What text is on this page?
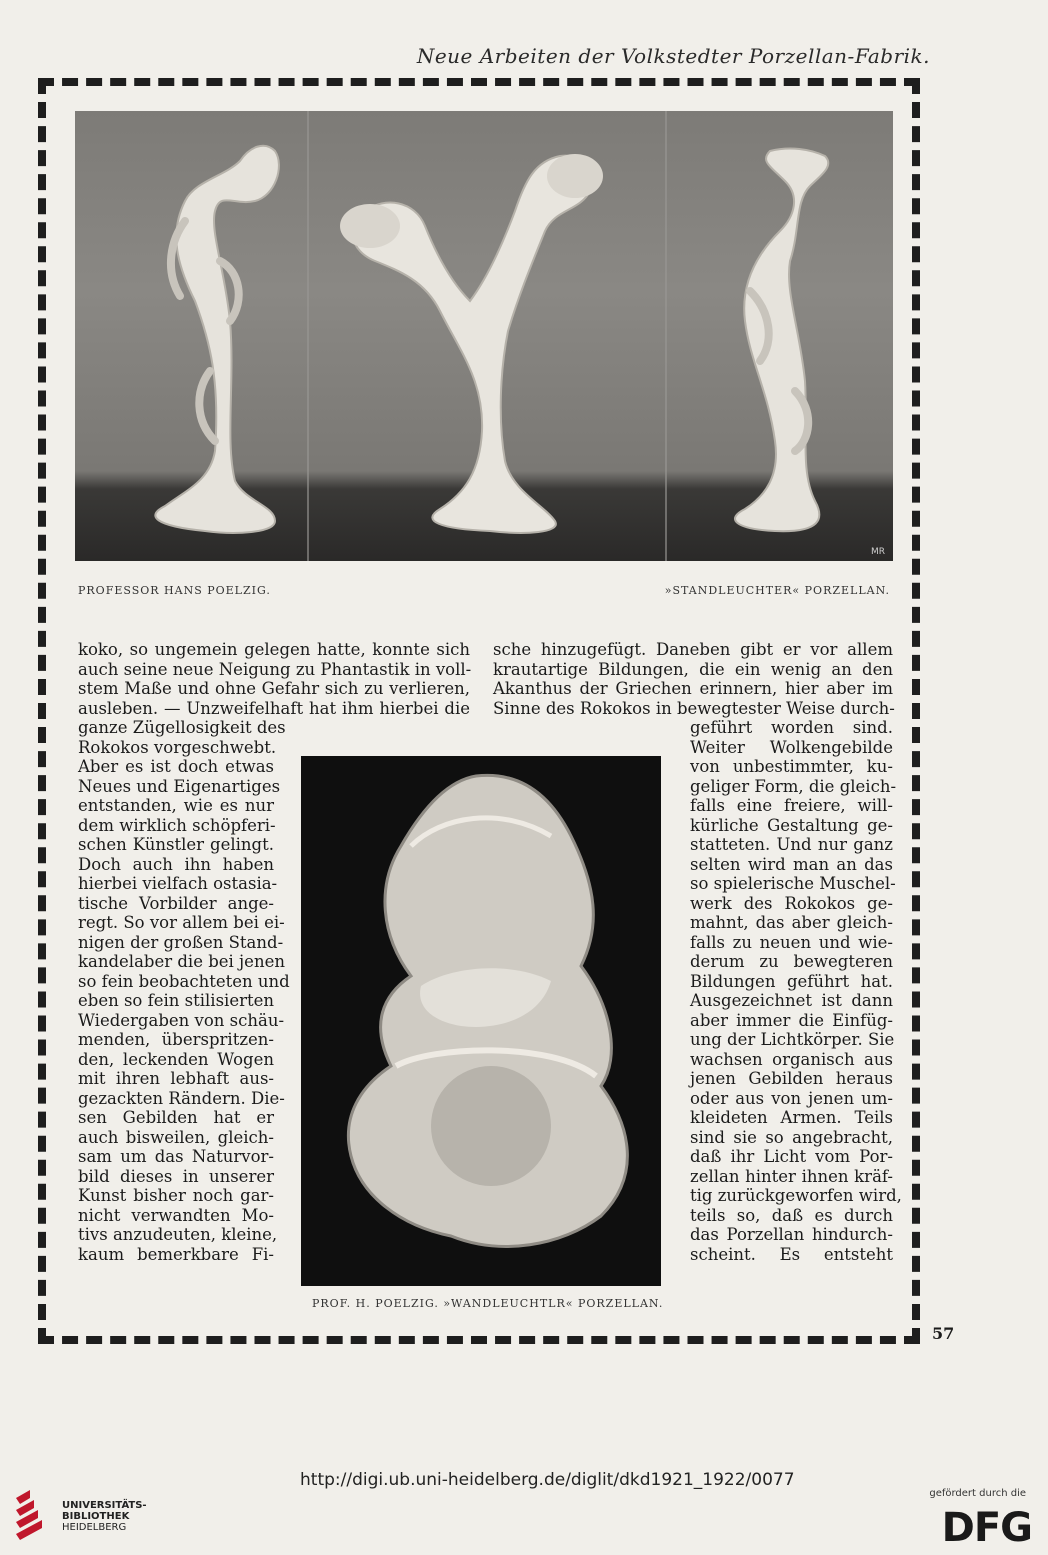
Neue Arbeiten der Volkstedter Porzellan-Fabrik.
MR
PROFESSOR HANS POELZIG.	»STANDLEUCHTER« PORZELLAN.
PROF. H. POELZIG. »WANDLEUCHTLR« PORZELLAN.
koko, so ungemein gelegen hatte, konnte sich
auch seine neue Neigung zu Phantastik in voll-
stem Maße und ohne Gefahr sich zu verlieren,
ausleben. — Unzweifelhaft hat ihm hierbei die
sche hinzugefügt. Daneben gibt er vor allem
krautartige Bildungen, die ein wenig an den
Akanthus der Griechen erinnern, hier aber im
Sinne des Rokokos in bewegtester Weise durch-
ganze Zügellosigkeit des
Rokokos vorgeschwebt.
Aber es ist doch etwas
Neues und Eigenartiges
entstanden, wie es nur
dem wirklich schöpferi-
schen Künstler gelingt.
Doch auch ihn haben
hierbei vielfach ostasia-
tische Vorbilder ange-
regt. So vor allem bei ei-
nigen der großen Stand-
kandelaber die bei jenen
so fein beobachteten und
eben so fein stilisierten
Wiedergaben von schäu-
menden, überspritzen-
den, leckenden Wogen
mit ihren lebhaft aus-
gezackten Rändern. Die-
sen Gebilden hat er
auch bisweilen, gleich-
sam um das Naturvor-
bild dieses in unserer
Kunst bisher noch gar-
nicht verwandten Mo-
tivs anzudeuten, kleine,
kaum bemerkbare Fi-
geführt worden sind.
Weiter Wolkengebilde
von unbestimmter, ku-
geliger Form, die gleich-
falls eine freiere, will-
kürliche Gestaltung ge-
statteten. Und nur ganz
selten wird man an das
so spielerische Muschel-
werk des Rokokos ge-
mahnt, das aber gleich-
falls zu neuen und wie-
derum zu bewegteren
Bildungen geführt hat.
Ausgezeichnet ist dann
aber immer die Einfüg-
ung der Lichtkörper. Sie
wachsen organisch aus
jenen Gebilden heraus
oder aus von jenen um-
kleideten Armen. Teils
sind sie so angebracht,
daß ihr Licht vom Por-
zellan hinter ihnen kräf-
tig zurückgeworfen wird,
teils so, daß es durch
das Porzellan hindurch-
scheint. Es entsteht
57
UNIVERSITÄTS-
BIBLIOTHEK
HEIDELBERG
http://digi.ub.uni-heidelberg.de/diglit/dkd1921_1922/0077
gefördert durch die
DFG
